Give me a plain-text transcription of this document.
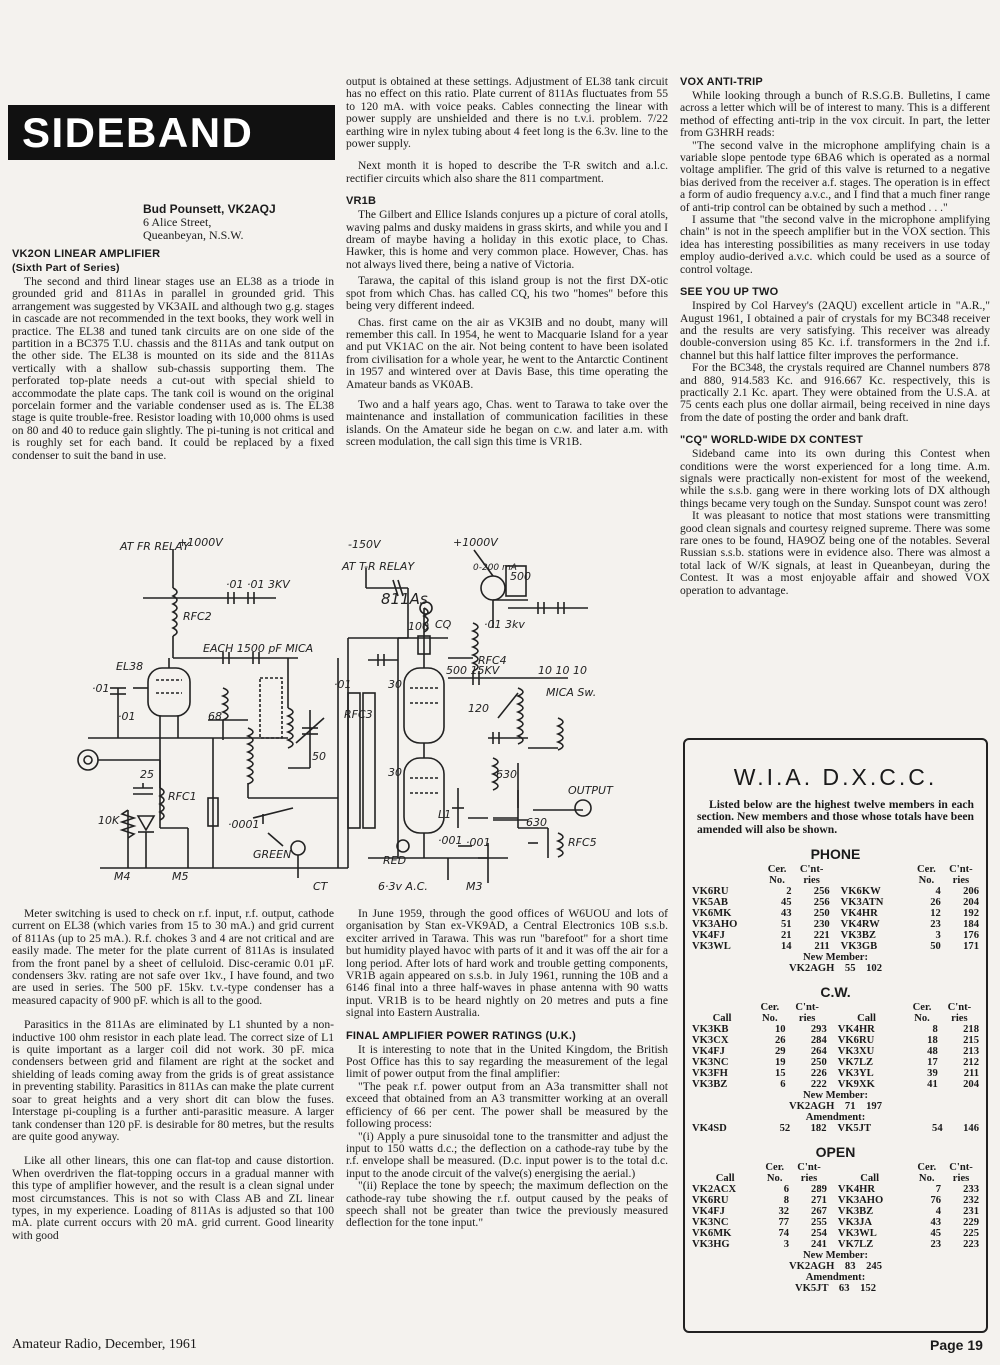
SIDEBAND
Bud Pounsett, VK2AQJ
6 Alice Street,
Queanbeyan, N.S.W.
VK2ON LINEAR AMPLIFIER
(Sixth Part of Series)

The second and third linear stages use an EL38 as a triode in grounded grid and 811As in parallel in grounded grid. This arrangement was suggested by VK3AIL and although two g.g. stages in cascade are not recommended in the text books, they work well in practice. The EL38 and tuned tank circuits are on one side of the partition in a BC375 T.U. chassis and the 811As and tank output on the other side. The EL38 is mounted on its side and the 811As vertically with a shallow sub-chassis supporting them. The perforated top-plate needs a cut-out with special shield to accommodate the plate caps. The tank coil is wound on the original porcelain former and the variable condenser used as is. The EL38 stage is quite trouble-free. Resistor loading with 10,000 ohms is used on 80 and 40 to reduce gain slightly. The pi-tuning is not critical and is roughly set for each band. It could be replaced by a fixed condenser to suit the band in use.

output is obtained at these settings. Adjustment of EL38 tank circuit has no effect on this ratio. Plate current of 811As fluctuates from 55 to 120 mA. with voice peaks. Cables connecting the linear with power supply are unshielded and there is no t.v.i. problem. 7/22 earthing wire in nylex tubing about 4 feet long is the 6.3v. line to the power supply.

Next month it is hoped to describe the T-R switch and a.l.c. rectifier circuits which also share the 811 compartment.

VR1B

The Gilbert and Ellice Islands conjures up a picture of coral atolls, waving palms and dusky maidens in grass skirts, and while you and I dream of maybe having a holiday in this exotic place, to Chas. Hawker, this is home and very common place. However, Chas. has not always lived there, being a native of Victoria.

Tarawa, the capital of this island group is not the first DX-otic spot from which Chas. has called CQ, his two "homes" before this being very different indeed.

Chas. first came on the air as VK3IB and no doubt, many will remember this call. In 1954, he went to Macquarie Island for a year and put VK1AC on the air. Not being content to have been isolated from civilisation for a whole year, he went to the Antarctic Continent in 1957 and wintered over at Davis Base, this time operating the Amateur bands as VK0AB.

Two and a half years ago, Chas. went to Tarawa to take over the maintenance and installation of communication facilities in these islands. On the Amateur side he began on c.w. and later a.m. with screen modulation, the call sign this time is VR1B.

VOX ANTI-TRIP

While looking through a bunch of R.S.G.B. Bulletins, I came across a letter which will be of interest to many. This is a different method of effecting anti-trip in the vox circuit. In part, the letter from G3HRH reads:

"The second valve in the microphone amplifying chain is a variable slope pentode type 6BA6 which is operated as a normal voltage amplifier. The grid of this valve is returned to a negative bias derived from the receiver a.f. stages. The operation is in effect a form of audio frequency a.v.c., and I find that a much finer range of anti-trip control can be obtained by such a method . . ."

I assume that "the second valve in the microphone amplifying chain" is not in the speech amplifier but in the VOX section. This idea has interesting possibilities as many receivers in use today employ audio-derived a.v.c. which could be used as a source of control voltage.

SEE YOU UP TWO

Inspired by Col Harvey's (2AQU) excellent article in "A.R.," August 1961, I obtained a pair of crystals for my BC348 receiver and the results are very satisfying. This receiver was already double-conversion using 85 Kc. i.f. transformers in the 2nd i.f. channel but this half lattice filter improves the performance.

For the BC348, the crystals required are Channel numbers 878 and 880, 914.583 Kc. and 916.667 Kc. respectively, this is practically 2.1 Kc. apart. They were obtained from the U.S.A. at 75 cents each plus one dollar airmail, being received in nine days from the date of posting the order and bank draft.

"CQ" WORLD-WIDE DX CONTEST

Sideband came into its own during this Contest when conditions were the worst experienced for a long time. A.m. signals were practically non-existent for most of the weekend, while the s.s.b. gang were in there working lots of DX although things became very tough on the Sunday. Sunspot count was zero!

It was pleasant to notice that most stations were transmitting good clean signals and courtesy reigned supreme. There was some rare ones to be found, HA9OZ being one of the notables. Several Russian s.s.b. stations were in evidence also. There was almost a total lack of W/K signals, at least in Queanbeyan, during the Contest. It was a most enjoyable affair and showed VOX operation to advantage.

AT FR RELAY
+1000V
·01 ·01 3KV
RFC2
EACH 1500 pF MICA
EL38
·01
·01	68
50
25
RFC1
10K	·0001
GREEN
M4	M5
CT
-150V
AT T-R RELAY
811As
+1000V
0-200 mA
500
·01 3kv
RFC4
100 CQ
30
30
500 15KV	10 10 10
MICA Sw.
120
·01
RFC3
L1
630
630
OUTPUT
RFC5
RED
6·3v A.C.	M3
·001 ·001

Meter switching is used to check on r.f. input, r.f. output, cathode current on EL38 (which varies from 15 to 30 mA.) and grid current of 811As (up to 25 mA.). R.f. chokes 3 and 4 are not critical and are easily made. The meter for the plate current of 811As is insulated from the front panel by a sheet of celluloid. Disc-ceramic 0.01 µF. condensers 3kv. rating are not safe over 1kv., I have found, and two are used in series. The 500 pF. 15kv. t.v.-type condenser has a measured capacity of 900 pF. which is all to the good.

Parasitics in the 811As are eliminated by L1 shunted by a non-inductive 100 ohm resistor in each plate lead. The correct size of L1 is quite important as a larger coil did not work. 30 pF. mica condensers between grid and filament are right at the socket and shielding of leads coming away from the grids is of great assistance in preventing stability. Parasitics in 811As can make the plate current soar to great heights and a very short dit can blow the fuses. Interstage pi-coupling is a further anti-parasitic measure. A larger tank condenser than 120 pF. is desirable for 80 metres, but the results are quite good anyway.

Like all other linears, this one can flat-top and cause distortion. When overdriven the flat-topping occurs in a gradual manner with this type of amplifier however, and the result is a clean signal under most circumstances. This is not so with Class AB and ZL linear types, in my experience. Loading of 811As is adjusted so that 100 mA. plate current occurs with 20 mA. grid current. Good linearity with good

In June 1959, through the good offices of W6UOU and lots of organisation by Stan ex-VK9AD, a Central Electronics 10B s.s.b. exciter arrived in Tarawa. This was run "barefoot" for a short time but humidity played havoc with parts of it and it was off the air for a long period. After lots of hard work and trouble getting components, VR1B again appeared on s.s.b. in July 1961, running the 10B and a 6146 final into a three half-waves in phase antenna with 90 watts input. VR1B is to be heard nightly on 20 metres and puts a fine signal into Eastern Australia.

FINAL AMPLIFIER POWER RATINGS (U.K.)

It is interesting to note that in the United Kingdom, the British Post Office has this to say regarding the measurement of the legal limit of power output from the final amplifier:

"The peak r.f. power output from an A3a transmitter shall not exceed that obtained from an A3 transmitter working at an overall efficiency of 66 per cent. The power shall be measured by the following process:

"(i) Apply a pure sinusoidal tone to the transmitter and adjust the input to 150 watts d.c.; the deflection on a cathode-ray tube by the r.f. envelope shall be measured. (D.c. input power is to the total d.c. input to the anode circuit of the valve(s) energising the aerial.)

"(ii) Replace the tone by speech; the maximum deflection on the cathode-ray tube showing the r.f. output caused by the peaks of speech shall not be greater than twice the previously measured deflection for the tone input."

W.I.A. D.X.C.C.

Listed below are the highest twelve members in each section. New members and those whose totals have been amended will also be shown.

PHONE
	Cer.	C'nt-		Cer.	C'nt-
	No.	ries		No.	ries
VK6RU	2	256	VK6KW	4	206
VK5AB	45	256	VK3ATN	26	204
VK6MK	43	250	VK4HR	12	192
VK3AHO	51	230	VK4RW	23	184
VK4FJ	21	221	VK3BZ	3	176
VK3WL	14	211	VK3GB	50	171
New Member:
VK2AGH    55    102
C.W.
	Cer.	C'nt-		Cer.	C'nt-
Call	No.	ries	Call	No.	ries
VK3KB	10	293	VK4HR	8	218
VK3CX	26	284	VK6RU	18	215
VK4FJ	29	264	VK3XU	48	213
VK3NC	19	250	VK7LZ	17	212
VK3FH	15	226	VK3YL	39	211
VK3BZ	6	222	VK9XK	41	204
New Member:
VK2AGH    71    197
Amendment:
VK4SD	52	182	VK5JT	54	146
OPEN
	Cer.	C'nt-		Cer.	C'nt-
Call	No.	ries	Call	No.	ries
VK2ACX	6	289	VK4HR	7	233
VK6RU	8	271	VK3AHO	76	232
VK4FJ	32	267	VK3BZ	4	231
VK3NC	77	255	VK3JA	43	229
VK6MK	74	254	VK3WL	45	225
VK3HG	3	241	VK7LZ	23	223
New Member:
VK2AGH    83    245
Amendment:
VK5JT    63    152
Amateur Radio, December, 1961	Page 19
